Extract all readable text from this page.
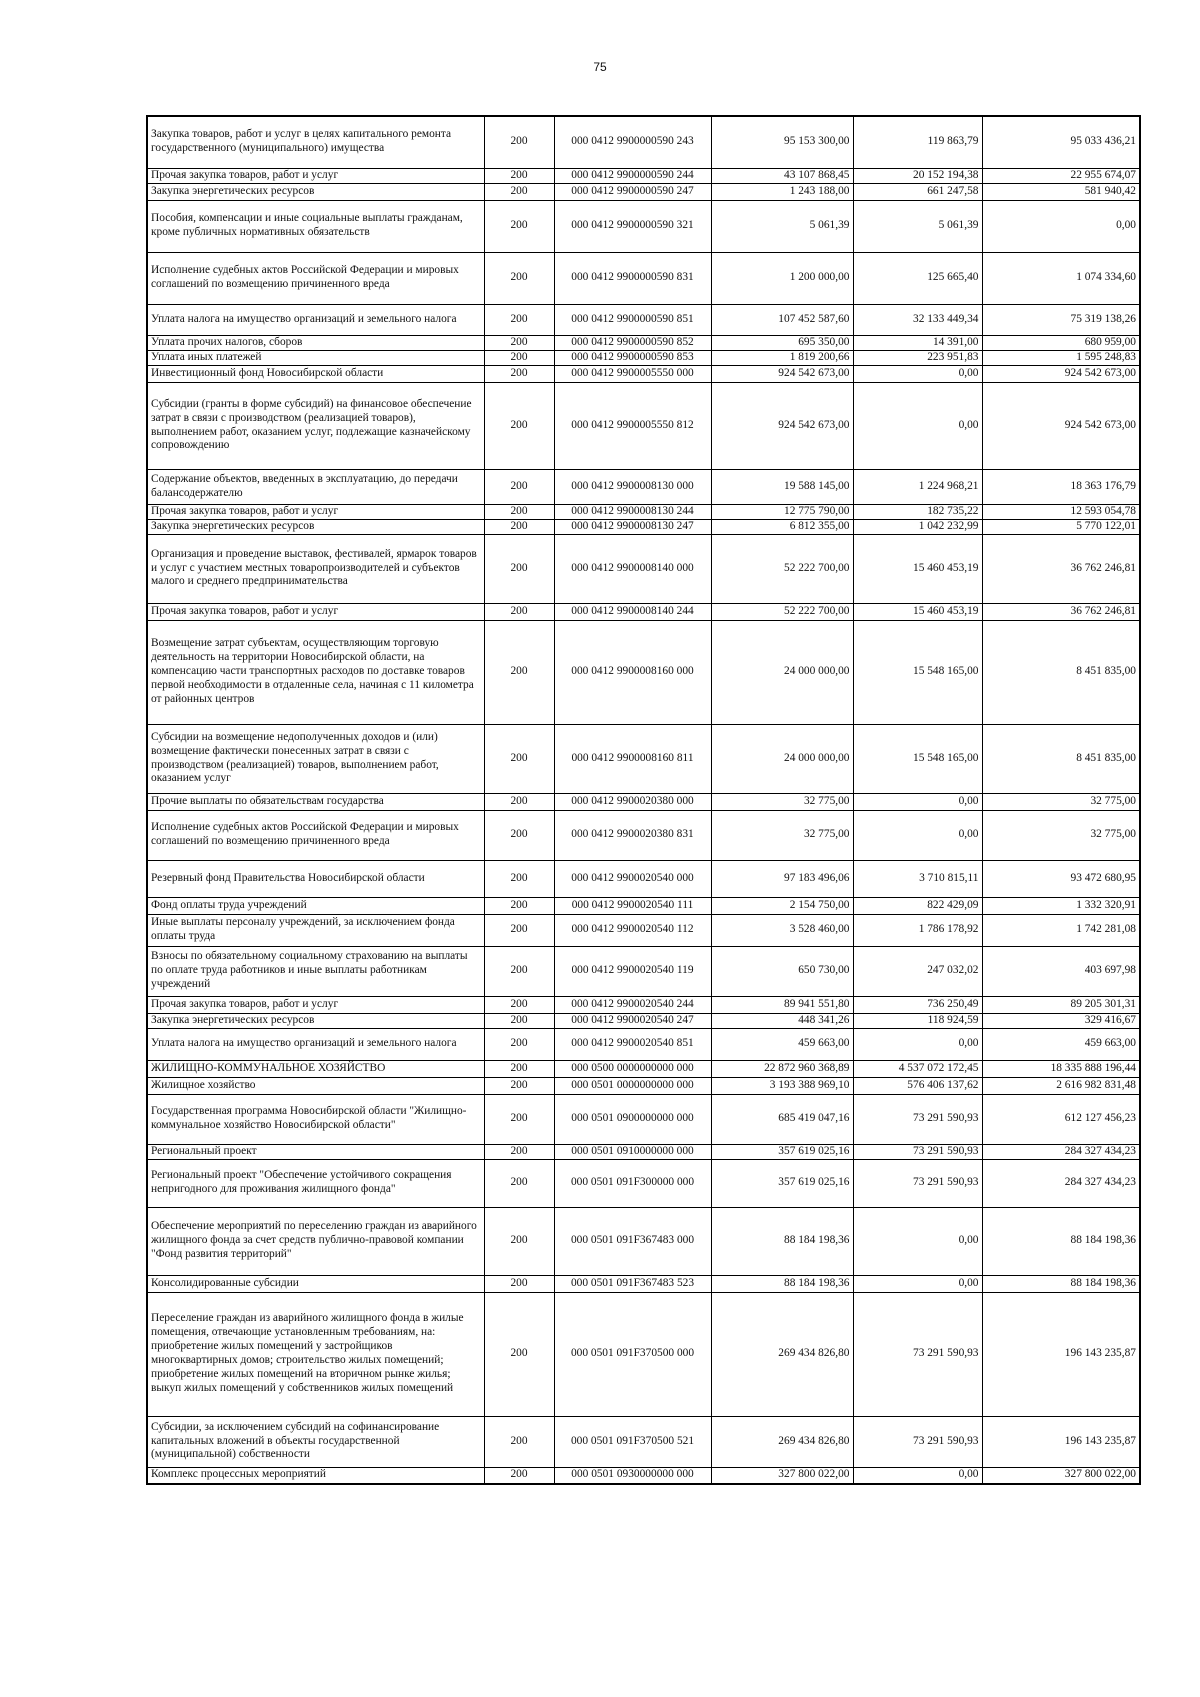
75
Закупка товаров, работ и услуг в целях капитального ремонта государственного (муниципального) имущества	200	000 0412 9900000590 243	95 153 300,00	119 863,79	95 033 436,21
Прочая закупка товаров, работ и услуг	200	000 0412 9900000590 244	43 107 868,45	20 152 194,38	22 955 674,07
Закупка энергетических ресурсов	200	000 0412 9900000590 247	1 243 188,00	661 247,58	581 940,42
Пособия, компенсации и иные социальные выплаты гражданам, кроме публичных нормативных обязательств	200	000 0412 9900000590 321	5 061,39	5 061,39	0,00
Исполнение судебных актов Российской Федерации и мировых соглашений по возмещению причиненного вреда	200	000 0412 9900000590 831	1 200 000,00	125 665,40	1 074 334,60
Уплата налога на имущество организаций и земельного налога	200	000 0412 9900000590 851	107 452 587,60	32 133 449,34	75 319 138,26
Уплата прочих налогов, сборов	200	000 0412 9900000590 852	695 350,00	14 391,00	680 959,00
Уплата иных платежей	200	000 0412 9900000590 853	1 819 200,66	223 951,83	1 595 248,83
Инвестиционный фонд Новосибирской области	200	000 0412 9900005550 000	924 542 673,00	0,00	924 542 673,00
Субсидии (гранты в форме субсидий) на финансовое обеспечение затрат в связи с производством (реализацией товаров), выполнением работ, оказанием услуг, подлежащие казначейскому сопровождению	200	000 0412 9900005550 812	924 542 673,00	0,00	924 542 673,00
Содержание объектов, введенных в эксплуатацию, до передачи балансодержателю	200	000 0412 9900008130 000	19 588 145,00	1 224 968,21	18 363 176,79
Прочая закупка товаров, работ и услуг	200	000 0412 9900008130 244	12 775 790,00	182 735,22	12 593 054,78
Закупка энергетических ресурсов	200	000 0412 9900008130 247	6 812 355,00	1 042 232,99	5 770 122,01
Организация и проведение выставок, фестивалей, ярмарок товаров и услуг с участием местных товаропроизводителей и субъектов малого и среднего предпринимательства	200	000 0412 9900008140 000	52 222 700,00	15 460 453,19	36 762 246,81
Прочая закупка товаров, работ и услуг	200	000 0412 9900008140 244	52 222 700,00	15 460 453,19	36 762 246,81
Возмещение затрат субъектам, осуществляющим торговую деятельность на территории Новосибирской области, на компенсацию части транспортных расходов по доставке товаров первой необходимости в отдаленные села, начиная с 11 километра от районных центров	200	000 0412 9900008160 000	24 000 000,00	15 548 165,00	8 451 835,00
Субсидии на возмещение недополученных доходов и (или) возмещение фактически понесенных затрат в связи с производством (реализацией) товаров, выполнением работ, оказанием услуг	200	000 0412 9900008160 811	24 000 000,00	15 548 165,00	8 451 835,00
Прочие выплаты по обязательствам государства	200	000 0412 9900020380 000	32 775,00	0,00	32 775,00
Исполнение судебных актов Российской Федерации и мировых соглашений по возмещению причиненного вреда	200	000 0412 9900020380 831	32 775,00	0,00	32 775,00
Резервный фонд Правительства Новосибирской области	200	000 0412 9900020540 000	97 183 496,06	3 710 815,11	93 472 680,95
Фонд оплаты труда учреждений	200	000 0412 9900020540 111	2 154 750,00	822 429,09	1 332 320,91
Иные выплаты персоналу учреждений, за исключением фонда оплаты труда	200	000 0412 9900020540 112	3 528 460,00	1 786 178,92	1 742 281,08
Взносы по обязательному социальному страхованию на выплаты по оплате труда работников и иные выплаты работникам учреждений	200	000 0412 9900020540 119	650 730,00	247 032,02	403 697,98
Прочая закупка товаров, работ и услуг	200	000 0412 9900020540 244	89 941 551,80	736 250,49	89 205 301,31
Закупка энергетических ресурсов	200	000 0412 9900020540 247	448 341,26	118 924,59	329 416,67
Уплата налога на имущество организаций и земельного налога	200	000 0412 9900020540 851	459 663,00	0,00	459 663,00
ЖИЛИЩНО-КОММУНАЛЬНОЕ ХОЗЯЙСТВО	200	000 0500 0000000000 000	22 872 960 368,89	4 537 072 172,45	18 335 888 196,44
Жилищное хозяйство	200	000 0501 0000000000 000	3 193 388 969,10	576 406 137,62	2 616 982 831,48
Государственная программа Новосибирской области "Жилищно-коммунальное хозяйство Новосибирской области"	200	000 0501 0900000000 000	685 419 047,16	73 291 590,93	612 127 456,23
Региональный проект	200	000 0501 0910000000 000	357 619 025,16	73 291 590,93	284 327 434,23
Региональный проект "Обеспечение устойчивого сокращения непригодного для проживания жилищного фонда"	200	000 0501 091F300000 000	357 619 025,16	73 291 590,93	284 327 434,23
Обеспечение мероприятий по переселению граждан из аварийного жилищного фонда за счет средств публично-правовой компании "Фонд развития территорий"	200	000 0501 091F367483 000	88 184 198,36	0,00	88 184 198,36
Консолидированные субсидии	200	000 0501 091F367483 523	88 184 198,36	0,00	88 184 198,36
Переселение граждан из аварийного жилищного фонда в жилые помещения, отвечающие установленным требованиям, на: приобретение жилых помещений у застройщиков многоквартирных домов; строительство жилых помещений; приобретение жилых помещений на вторичном рынке жилья; выкуп жилых помещений у собственников жилых помещений	200	000 0501 091F370500 000	269 434 826,80	73 291 590,93	196 143 235,87
Субсидии, за исключением субсидий на софинансирование капитальных вложений в объекты государственной (муниципальной) собственности	200	000 0501 091F370500 521	269 434 826,80	73 291 590,93	196 143 235,87
Комплекс процессных мероприятий	200	000 0501 0930000000 000	327 800 022,00	0,00	327 800 022,00
